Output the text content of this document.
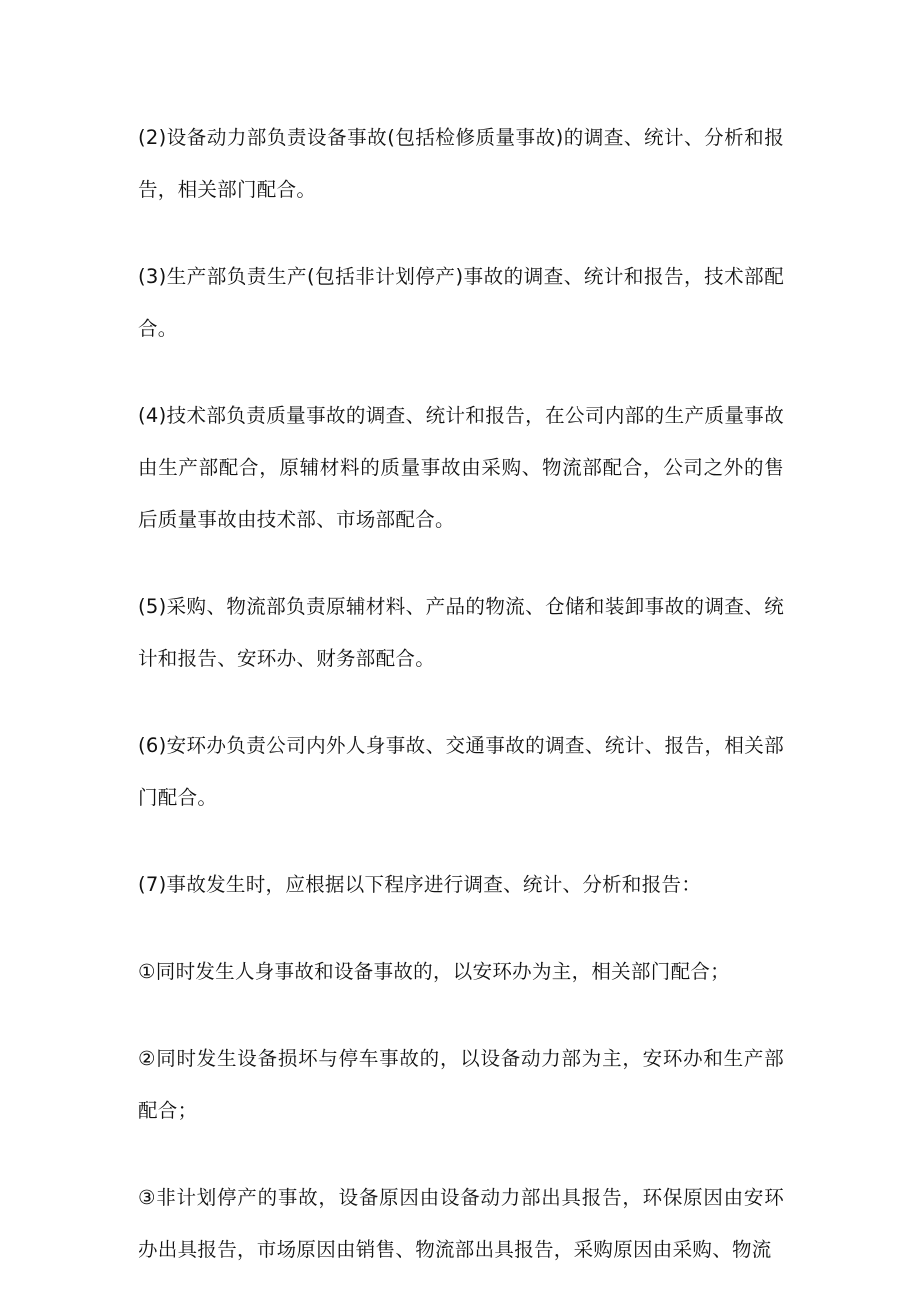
(2)设备动力部负责设备事故(包括检修质量事故)的调查、统计、分析和报告，相关部门配合。

(3)生产部负责生产(包括非计划停产)事故的调查、统计和报告，技术部配合。

(4)技术部负责质量事故的调查、统计和报告，在公司内部的生产质量事故由生产部配合，原辅材料的质量事故由采购、物流部配合，公司之外的售后质量事故由技术部、市场部配合。

(5)采购、物流部负责原辅材料、产品的物流、仓储和装卸事故的调查、统计和报告、安环办、财务部配合。

(6)安环办负责公司内外人身事故、交通事故的调查、统计、报告，相关部门配合。

(7)事故发生时，应根据以下程序进行调查、统计、分析和报告：

①同时发生人身事故和设备事故的，以安环办为主，相关部门配合；

②同时发生设备损坏与停车事故的，以设备动力部为主，安环办和生产部配合；

③非计划停产的事故，设备原因由设备动力部出具报告，环保原因由安环办出具报告，市场原因由销售、物流部出具报告，采购原因由采购、物流
